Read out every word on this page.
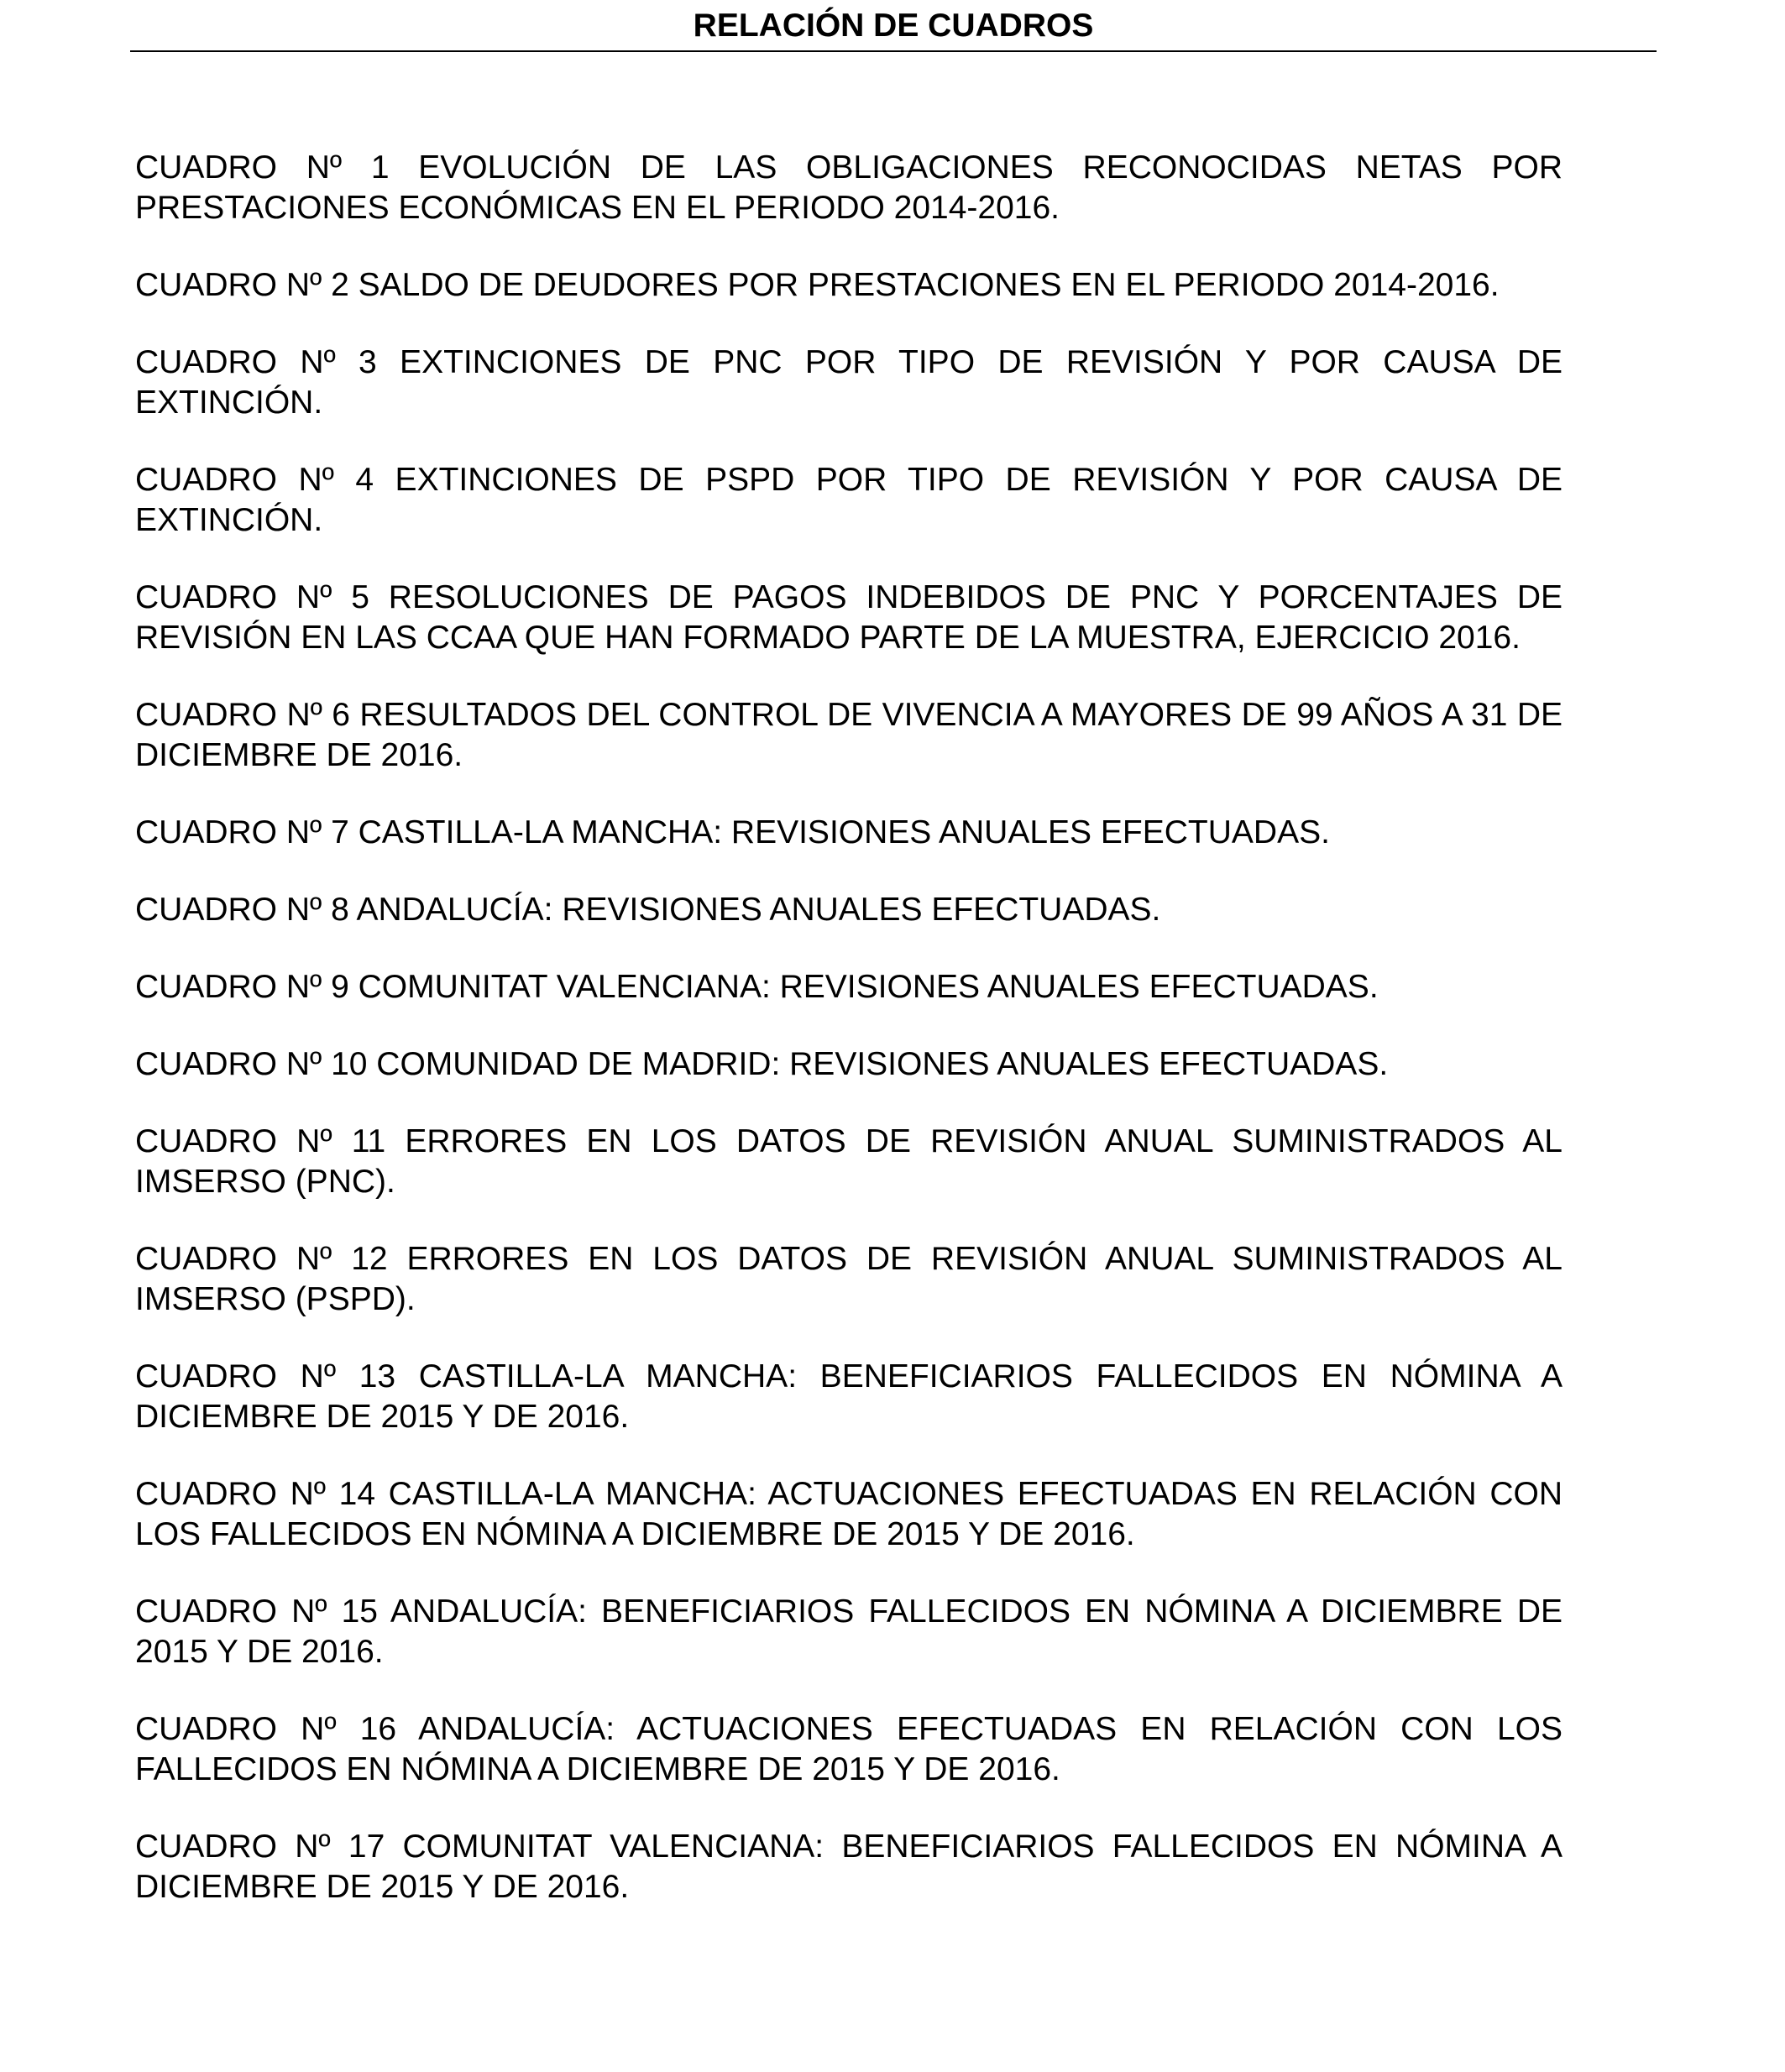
RELACIÓN DE CUADROS
CUADRO Nº 1 EVOLUCIÓN DE LAS OBLIGACIONES RECONOCIDAS NETAS POR PRESTACIONES ECONÓMICAS EN EL PERIODO 2014-2016.
CUADRO Nº 2 SALDO DE DEUDORES POR PRESTACIONES EN EL PERIODO 2014-2016.
CUADRO Nº 3 EXTINCIONES DE PNC POR TIPO DE REVISIÓN Y POR CAUSA DE EXTINCIÓN.
CUADRO Nº 4 EXTINCIONES DE PSPD POR TIPO DE REVISIÓN Y POR CAUSA DE EXTINCIÓN.
CUADRO Nº 5 RESOLUCIONES DE PAGOS INDEBIDOS DE PNC Y PORCENTAJES DE REVISIÓN EN LAS CCAA QUE HAN FORMADO PARTE DE LA MUESTRA, EJERCICIO 2016.
CUADRO Nº 6 RESULTADOS DEL CONTROL DE VIVENCIA A MAYORES DE 99 AÑOS A 31 DE DICIEMBRE DE 2016.
CUADRO Nº 7 CASTILLA-LA MANCHA: REVISIONES ANUALES EFECTUADAS.
CUADRO Nº 8 ANDALUCÍA: REVISIONES ANUALES EFECTUADAS.
CUADRO Nº 9 COMUNITAT VALENCIANA: REVISIONES ANUALES EFECTUADAS.
CUADRO Nº 10 COMUNIDAD DE MADRID: REVISIONES ANUALES EFECTUADAS.
CUADRO Nº 11 ERRORES EN LOS DATOS DE REVISIÓN ANUAL SUMINISTRADOS AL IMSERSO (PNC).
CUADRO Nº 12 ERRORES EN LOS DATOS DE REVISIÓN ANUAL SUMINISTRADOS AL IMSERSO (PSPD).
CUADRO Nº 13 CASTILLA-LA MANCHA: BENEFICIARIOS FALLECIDOS EN NÓMINA A DICIEMBRE DE 2015 Y DE 2016.
CUADRO Nº 14 CASTILLA-LA MANCHA: ACTUACIONES EFECTUADAS EN RELACIÓN CON LOS FALLECIDOS EN NÓMINA A DICIEMBRE DE 2015 Y DE 2016.
CUADRO Nº 15 ANDALUCÍA: BENEFICIARIOS FALLECIDOS EN NÓMINA A DICIEMBRE DE 2015 Y DE 2016.
CUADRO Nº 16 ANDALUCÍA: ACTUACIONES EFECTUADAS EN RELACIÓN CON LOS FALLECIDOS EN NÓMINA A DICIEMBRE DE 2015 Y DE 2016.
CUADRO Nº 17 COMUNITAT VALENCIANA: BENEFICIARIOS FALLECIDOS EN NÓMINA A DICIEMBRE DE 2015 Y DE 2016.
